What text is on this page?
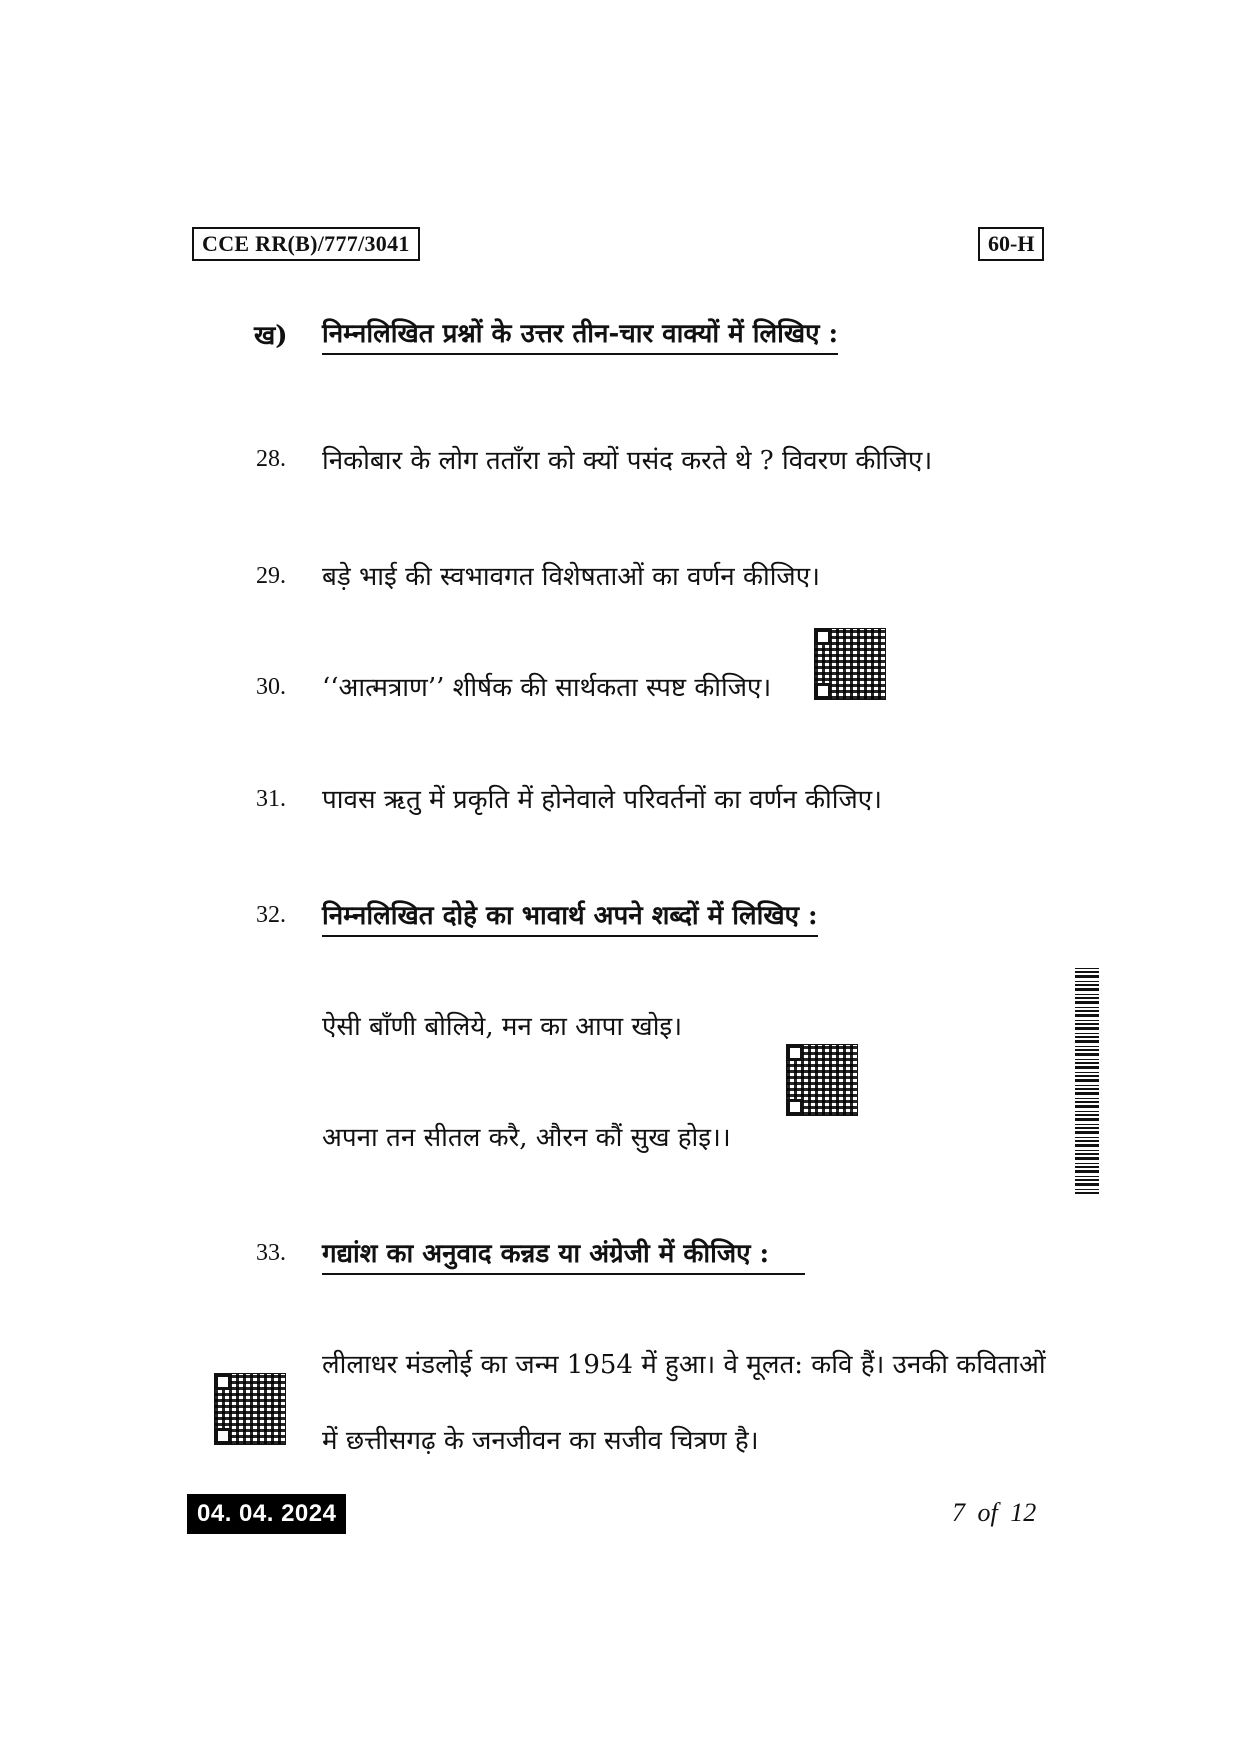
CCE RR(B)/777/3041	60-H
ख) निम्नलिखित प्रश्नों के उत्तर तीन-चार वाक्यों में लिखिए :
28. निकोबार के लोग तताँरा को क्यों पसंद करते थे ? विवरण कीजिए।
29. बड़े भाई की स्वभावगत विशेषताओं का वर्णन कीजिए।
30. ‘‘आत्मत्राण’’ शीर्षक की सार्थकता स्पष्ट कीजिए।
31. पावस ऋतु में प्रकृति में होनेवाले परिवर्तनों का वर्णन कीजिए।
32. निम्नलिखित दोहे का भावार्थ अपने शब्दों में लिखिए :
ऐसी बाँणी बोलिये, मन का आपा खोइ।
अपना तन सीतल करै, औरन कौं सुख होइ।।
33. गद्यांश का अनुवाद कन्नड या अंग्रेजी में कीजिए :
लीलाधर मंडलोई का जन्म 1954 में हुआ। वे मूलत: कवि हैं। उनकी कविताओं
में छत्तीसगढ़ के जनजीवन का सजीव चित्रण है।
04. 04. 2024	7 of 12
